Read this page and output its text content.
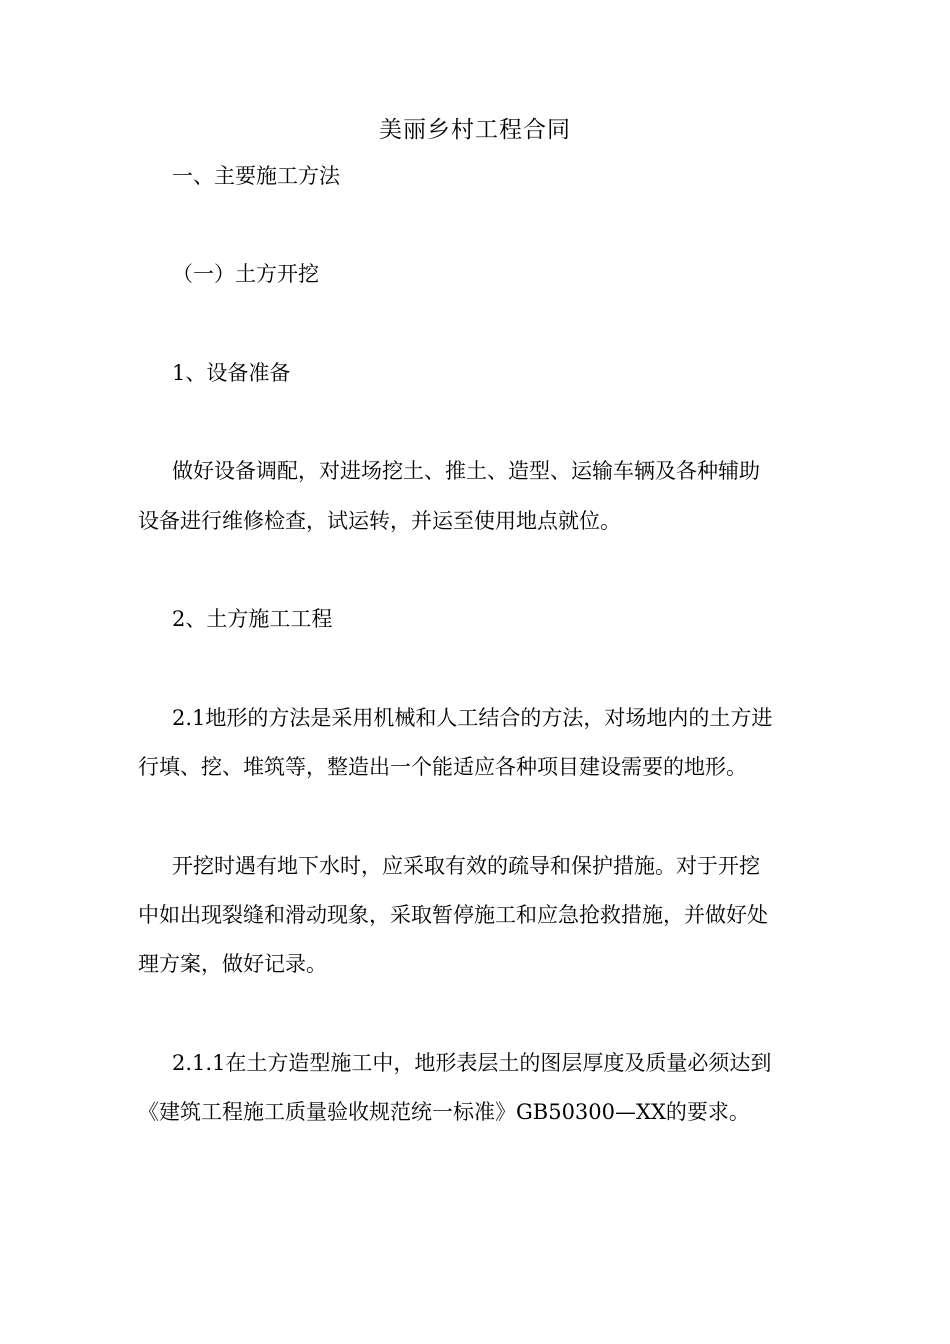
美丽乡村工程合同
一、主要施工方法
（一）土方开挖
1、设备准备
做好设备调配，对进场挖土、推土、造型、运输车辆及各种辅助
设备进行维修检查，试运转，并运至使用地点就位。
2、土方施工工程
2.1地形的方法是采用机械和人工结合的方法，对场地内的土方进
行填、挖、堆筑等，整造出一个能适应各种项目建设需要的地形。
开挖时遇有地下水时，应采取有效的疏导和保护措施。对于开挖
中如出现裂缝和滑动现象，采取暂停施工和应急抢救措施，并做好处
理方案，做好记录。
2.1.1在土方造型施工中，地形表层土的图层厚度及质量必须达到
《建筑工程施工质量验收规范统一标准》GB50300—XX的要求。
